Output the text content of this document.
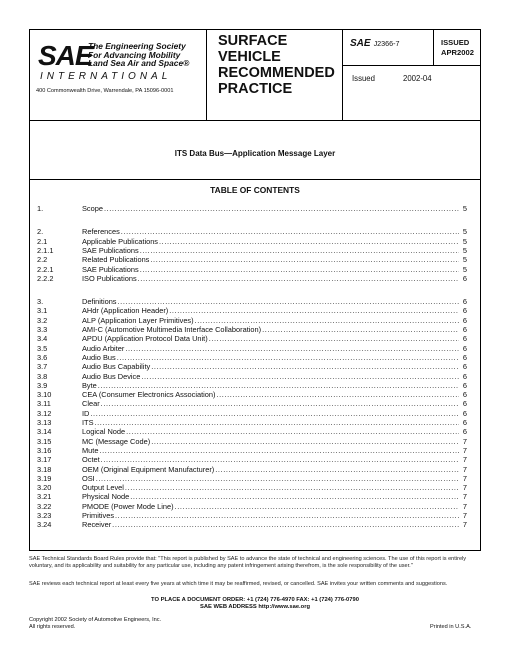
SAE
The Engineering Society
For Advancing Mobility
Land Sea Air and Space®
INTERNATIONAL
400 Commonwealth Drive, Warrendale, PA 15096-0001
SURFACE
VEHICLE
RECOMMENDED
PRACTICE
SAE J2366-7	ISSUED
APR2002
Issued	2002-04
ITS Data Bus—Application Message Layer
TABLE OF CONTENTS
1.	Scope .....	5
2.	References .....	5
2.1	Applicable Publications .....	5
2.1.1	SAE Publications .....	5
2.2	Related Publications .....	5
2.2.1	SAE Publications .....	5
2.2.2	ISO Publications .....	6
3.	Definitions .....	6
3.1	AHdr (Application Header) .....	6
3.2	ALP (Application Layer Primitives) .....	6
3.3	AMI-C (Automotive Multimedia Interface Collaboration) .....	6
3.4	APDU (Application Protocol Data Unit) .....	6
3.5	Audio Arbiter .....	6
3.6	Audio Bus .....	6
3.7	Audio Bus Capability .....	6
3.8	Audio Bus Device .....	6
3.9	Byte .....	6
3.10	CEA (Consumer Electronics Association) .....	6
3.11	Clear .....	6
3.12	ID .....	6
3.13	ITS .....	6
3.14	Logical Node .....	6
3.15	MC (Message Code) .....	7
3.16	Mute .....	7
3.17	Octet .....	7
3.18	OEM (Original Equipment Manufacturer) .....	7
3.19	OSI .....	7
3.20	Output Level .....	7
3.21	Physical Node .....	7
3.22	PMODE (Power Mode Line) .....	7
3.23	Primitives .....	7
3.24	Receiver .....	7
SAE Technical Standards Board Rules provide that: "This report is published by SAE to advance the state of technical and engineering sciences. The use of this report is entirely voluntary, and its applicability and suitability for any particular use, including any patent infringement arising therefrom, is the sole responsibility of the user."
SAE reviews each technical report at least every five years at which time it may be reaffirmed, revised, or cancelled. SAE invites your written comments and suggestions.
TO PLACE A DOCUMENT ORDER: +1 (724) 776-4970 FAX: +1 (724) 776-0790
SAE WEB ADDRESS http://www.sae.org
Copyright 2002 Society of Automotive Engineers, Inc.
All rights reserved.	Printed in U.S.A.
